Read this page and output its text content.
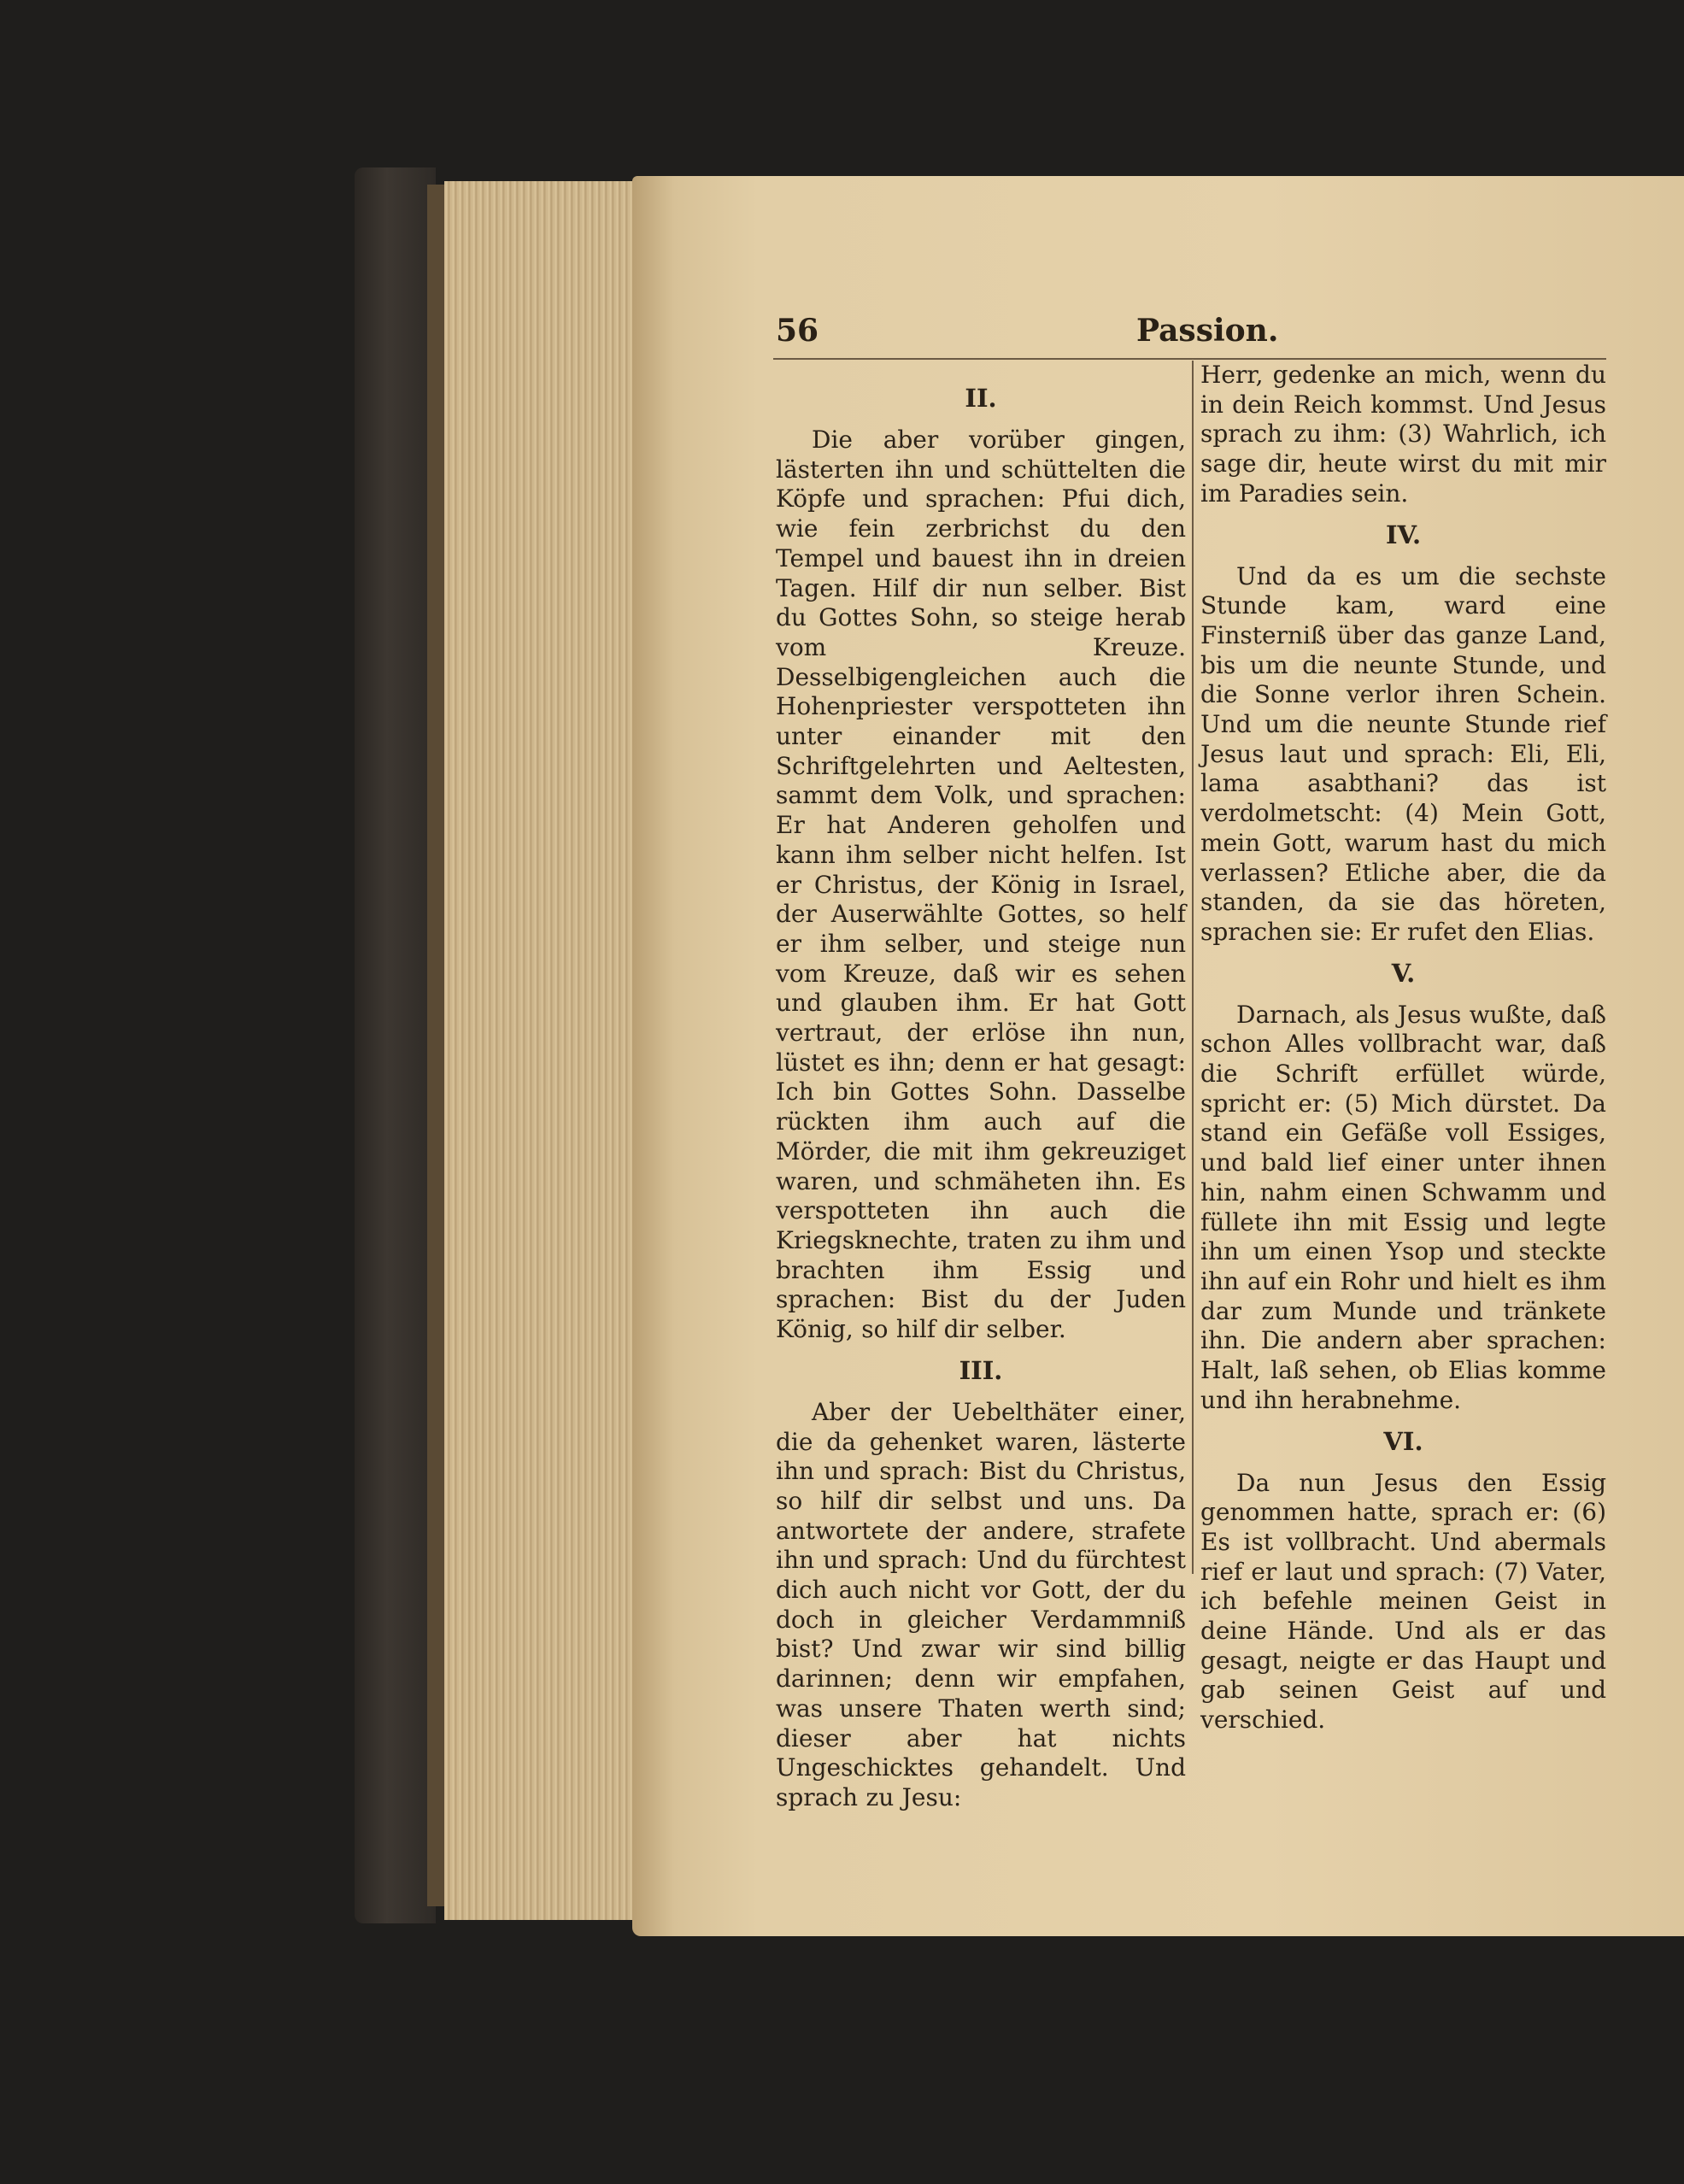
56	Passion.
II.

Die aber vorüber gingen, lästerten ihn und schüttelten die Köpfe und sprachen: Pfui dich, wie fein zerbrichst du den Tempel und bauest ihn in dreien Tagen. Hilf dir nun selber. Bist du Gottes Sohn, so steige herab vom Kreuze. Desselbigengleichen auch die Hohenpriester verspotteten ihn unter einander mit den Schriftgelehrten und Aeltesten, sammt dem Volk, und sprachen: Er hat Anderen geholfen und kann ihm selber nicht helfen. Ist er Christus, der König in Israel, der Auserwählte Gottes, so helf er ihm selber, und steige nun vom Kreuze, daß wir es sehen und glauben ihm. Er hat Gott vertraut, der erlöse ihn nun, lüstet es ihn; denn er hat gesagt: Ich bin Gottes Sohn. Dasselbe rückten ihm auch auf die Mörder, die mit ihm gekreuziget waren, und schmäheten ihn. Es verspotteten ihn auch die Kriegsknechte, traten zu ihm und brachten ihm Essig und sprachen: Bist du der Juden König, so hilf dir selber.

III.

Aber der Uebelthäter einer, die da gehenket waren, lästerte ihn und sprach: Bist du Christus, so hilf dir selbst und uns. Da antwortete der andere, strafete ihn und sprach: Und du fürchtest dich auch nicht vor Gott, der du doch in gleicher Verdammniß bist? Und zwar wir sind billig darinnen; denn wir empfahen, was unsere Thaten werth sind; dieser aber hat nichts Ungeschicktes gehandelt. Und sprach zu Jesu:

Herr, gedenke an mich, wenn du in dein Reich kommst. Und Jesus sprach zu ihm: (3) Wahrlich, ich sage dir, heute wirst du mit mir im Paradies sein.

IV.

Und da es um die sechste Stunde kam, ward eine Finsterniß über das ganze Land, bis um die neunte Stunde, und die Sonne verlor ihren Schein. Und um die neunte Stunde rief Jesus laut und sprach: Eli, Eli, lama asabthani? das ist verdolmetscht: (4) Mein Gott, mein Gott, warum hast du mich verlassen? Etliche aber, die da standen, da sie das höreten, sprachen sie: Er rufet den Elias.

V.

Darnach, als Jesus wußte, daß schon Alles vollbracht war, daß die Schrift erfüllet würde, spricht er: (5) Mich dürstet. Da stand ein Gefäße voll Essiges, und bald lief einer unter ihnen hin, nahm einen Schwamm und füllete ihn mit Essig und legte ihn um einen Ysop und steckte ihn auf ein Rohr und hielt es ihm dar zum Munde und tränkete ihn. Die andern aber sprachen: Halt, laß sehen, ob Elias komme und ihn herabnehme.

VI.

Da nun Jesus den Essig genommen hatte, sprach er: (6) Es ist vollbracht. Und abermals rief er laut und sprach: (7) Vater, ich befehle meinen Geist in deine Hände. Und als er das gesagt, neigte er das Haupt und gab seinen Geist auf und verschied.
